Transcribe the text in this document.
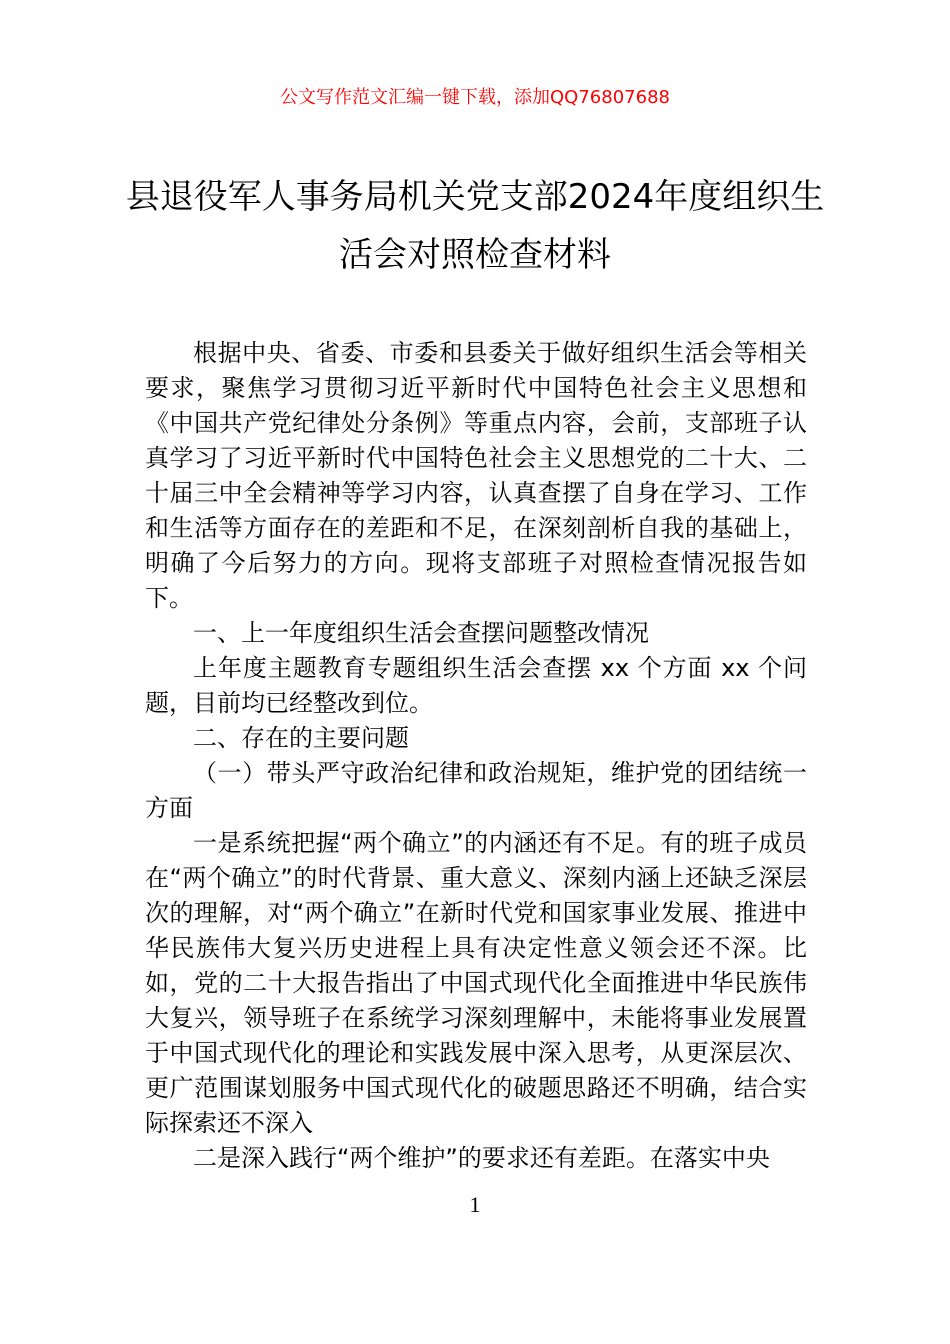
公文写作范文汇编一键下载，添加QQ76807688
县退役军人事务局机关党支部2024年度组织生活会对照检查材料

根据中央、省委、市委和县委关于做好组织生活会等相关要求，聚焦学习贯彻习近平新时代中国特色社会主义思想和《中国共产党纪律处分条例》等重点内容，会前，支部班子认真学习了习近平新时代中国特色社会主义思想党的二十大、二十届三中全会精神等学习内容，认真查摆了自身在学习、工作和生活等方面存在的差距和不足，在深刻剖析自我的基础上，明确了今后努力的方向。现将支部班子对照检查情况报告如下。

一、上一年度组织生活会查摆问题整改情况

上年度主题教育专题组织生活会查摆 xx 个方面 xx 个问题，目前均已经整改到位。

二、存在的主要问题

（一）带头严守政治纪律和政治规矩，维护党的团结统一方面

一是系统把握“两个确立”的内涵还有不足。有的班子成员在“两个确立”的时代背景、重大意义、深刻内涵上还缺乏深层次的理解，对“两个确立”在新时代党和国家事业发展、推进中华民族伟大复兴历史进程上具有决定性意义领会还不深。比如，党的二十大报告指出了中国式现代化全面推进中华民族伟大复兴，领导班子在系统学习深刻理解中，未能将事业发展置于中国式现代化的理论和实践发展中深入思考，从更深层次、更广范围谋划服务中国式现代化的破题思路还不明确，结合实际探索还不深入

二是深入践行“两个维护”的要求还有差距。在落实中央

1
